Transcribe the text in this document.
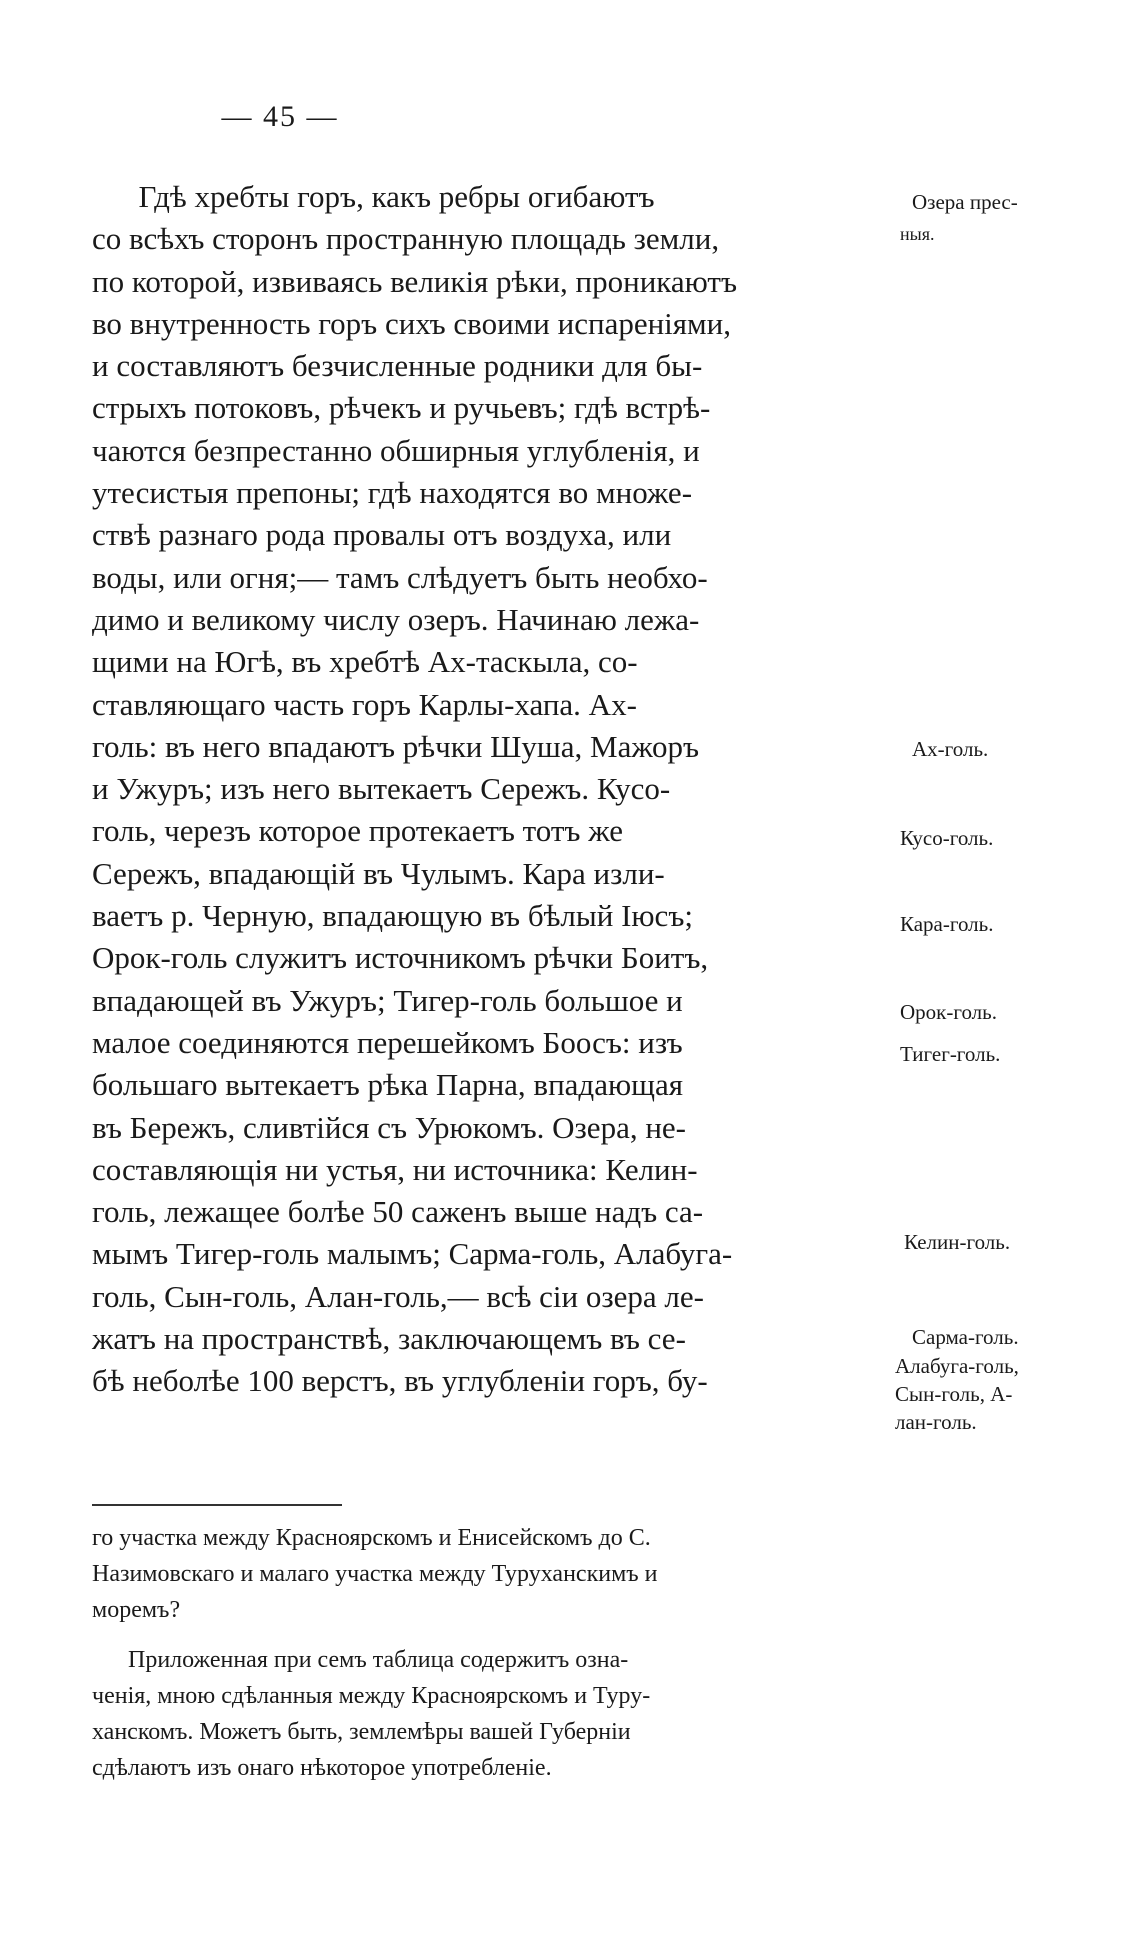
— 45 —
Гдѣ хребты горъ, какъ ребры огибаютъ
со всѣхъ сторонъ пространную площадь земли,
по которой, извиваясь великія рѣки, проникаютъ
во внутренность горъ сихъ своими испареніями,
и составляютъ безчисленные родники для бы-
стрыхъ потоковъ, рѣчекъ и ручьевъ; гдѣ встрѣ-
чаются безпрестанно обширныя углубленія, и
утесистыя препоны; гдѣ находятся во множе-
ствѣ разнаго рода провалы отъ воздуха, или
воды, или огня;— тамъ слѣдуетъ быть необхо-
димо и великому числу озеръ. Начинаю лежа-
щими на Югѣ, въ хребтѣ Ах-таскыла, со-
ставляющаго часть горъ Карлы-хапа. Ах-
голь: въ него впадаютъ рѣчки Шуша, Мажоръ
и Ужуръ; изъ него вытекаетъ Сережъ. Кусо-
голь, черезъ которое протекаетъ тотъ же
Сережъ, впадающій въ Чулымъ. Кара изли-
ваетъ р. Черную, впадающую въ бѣлый Іюсъ;
Орок-голь служитъ источникомъ рѣчки Боитъ,
впадающей въ Ужуръ; Тигер-голь большое и
малое соединяются перешейкомъ Боосъ: изъ
большаго вытекаетъ рѣка Парна, впадающая
въ Бережъ, сливтійся съ Урюкомъ. Озера, не-
составляющія ни устья, ни источника: Келин-
голь, лежащее болѣе 50 саженъ выше надъ са-
мымъ Тигер-голь малымъ; Сарма-голь, Алабуга-
голь, Сын-голь, Алан-голь,— всѣ сіи озера ле-
жатъ на пространствѣ, заключающемъ въ се-
бѣ неболѣе 100 верстъ, въ углубленіи горъ, бу-
Озера прес-
ныя.
Ах-голь.
Кусо-голь.
Кара-голь.
Орок-голь.
Тигег-голь.
Келин-голь.
Сарма-голь.
Алабуга-голь,
Сын-голь, А-
лан-голь.
го участка между Красноярскомъ и Енисейскомъ до С.
Назимовскаго и малаго участка между Туруханскимъ и
моремъ?
Приложенная при семъ таблица содержитъ озна-
ченія, мною сдѣланныя между Красноярскомъ и Туру-
ханскомъ. Можетъ быть, землемѣры вашей Губерніи
сдѣлаютъ изъ онаго нѣкоторое употребленіе.
